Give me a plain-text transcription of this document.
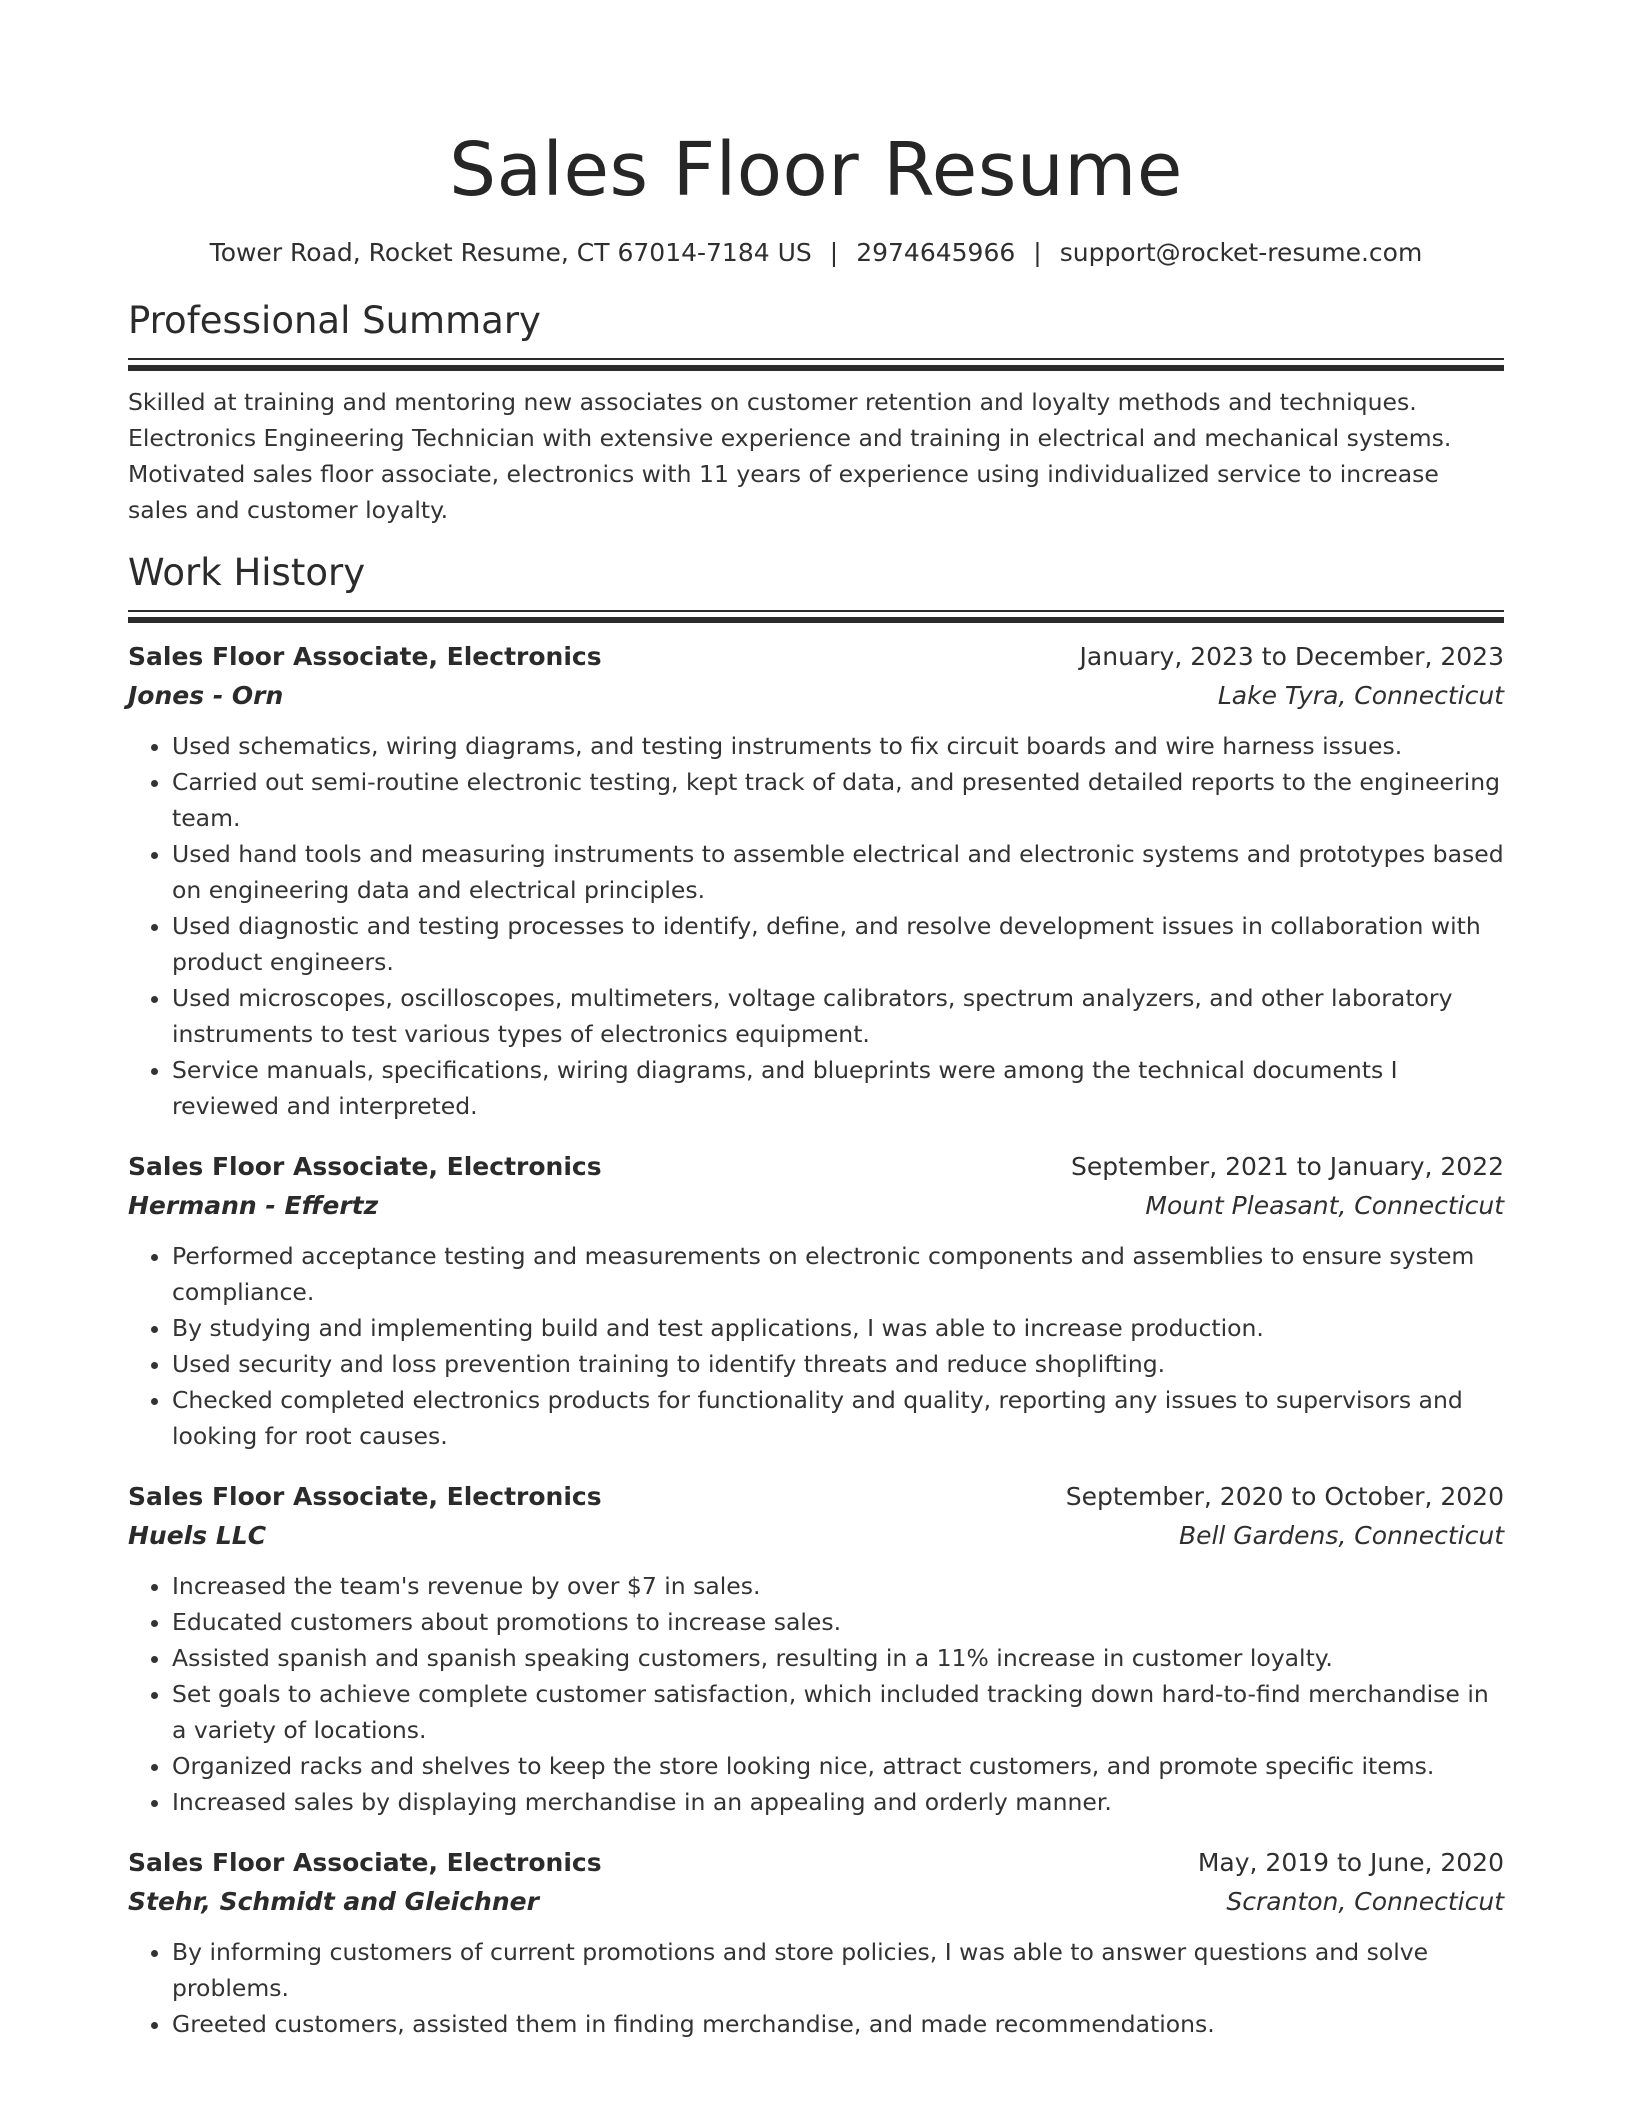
Sales Floor Resume
Tower Road, Rocket Resume, CT 67014-7184 US | 2974645966 | support@rocket-resume.com
Professional Summary

Skilled at training and mentoring new associates on customer retention and loyalty methods and techniques. Electronics Engineering Technician with extensive experience and training in electrical and mechanical systems. Motivated sales floor associate, electronics with 11 years of experience using individualized service to increase sales and customer loyalty.

Work History
Sales Floor Associate, Electronics	January, 2023 to December, 2023
Jones - Orn	Lake Tyra, Connecticut
• Used schematics, wiring diagrams, and testing instruments to fix circuit boards and wire harness issues.
• Carried out semi-routine electronic testing, kept track of data, and presented detailed reports to the engineering team.
• Used hand tools and measuring instruments to assemble electrical and electronic systems and prototypes based on engineering data and electrical principles.
• Used diagnostic and testing processes to identify, define, and resolve development issues in collaboration with product engineers.
• Used microscopes, oscilloscopes, multimeters, voltage calibrators, spectrum analyzers, and other laboratory instruments to test various types of electronics equipment.
• Service manuals, specifications, wiring diagrams, and blueprints were among the technical documents I reviewed and interpreted.
Sales Floor Associate, Electronics	September, 2021 to January, 2022
Hermann - Effertz	Mount Pleasant, Connecticut
• Performed acceptance testing and measurements on electronic components and assemblies to ensure system compliance.
• By studying and implementing build and test applications, I was able to increase production.
• Used security and loss prevention training to identify threats and reduce shoplifting.
• Checked completed electronics products for functionality and quality, reporting any issues to supervisors and looking for root causes.
Sales Floor Associate, Electronics	September, 2020 to October, 2020
Huels LLC	Bell Gardens, Connecticut
• Increased the team's revenue by over $7 in sales.
• Educated customers about promotions to increase sales.
• Assisted spanish and spanish speaking customers, resulting in a 11% increase in customer loyalty.
• Set goals to achieve complete customer satisfaction, which included tracking down hard-to-find merchandise in a variety of locations.
• Organized racks and shelves to keep the store looking nice, attract customers, and promote specific items.
• Increased sales by displaying merchandise in an appealing and orderly manner.
Sales Floor Associate, Electronics	May, 2019 to June, 2020
Stehr, Schmidt and Gleichner	Scranton, Connecticut
• By informing customers of current promotions and store policies, I was able to answer questions and solve problems.
• Greeted customers, assisted them in finding merchandise, and made recommendations.
